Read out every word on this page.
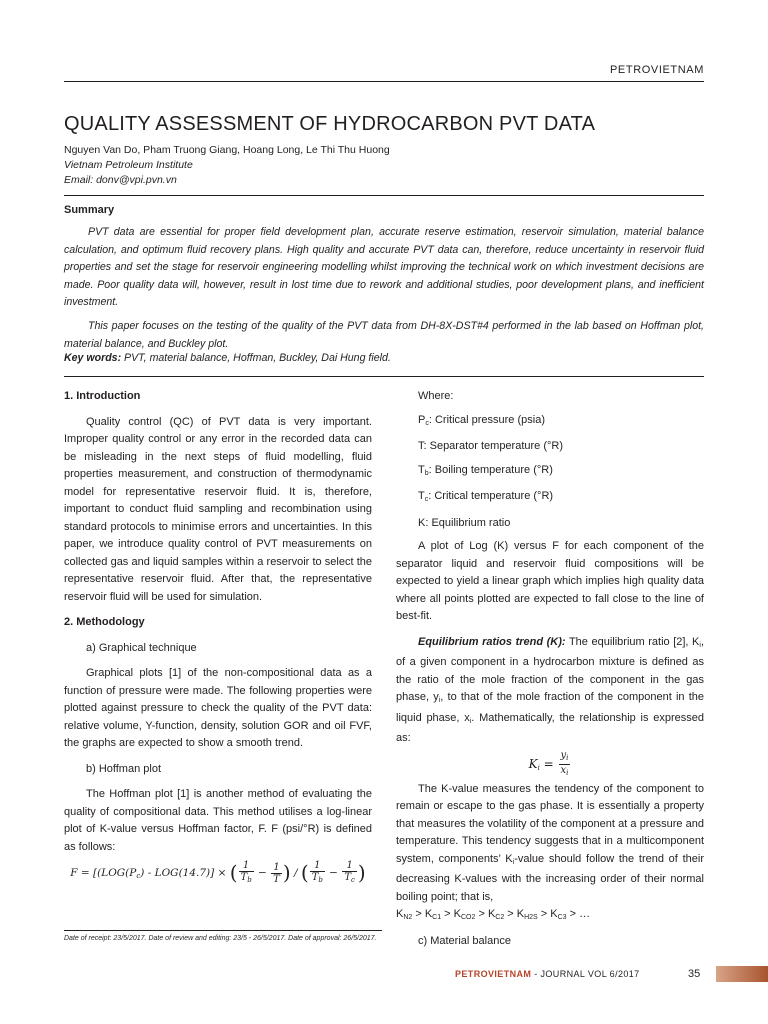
PETROVIETNAM
QUALITY ASSESSMENT OF HYDROCARBON PVT DATA
Nguyen Van Do, Pham Truong Giang, Hoang Long, Le Thi Thu Huong
Vietnam Petroleum Institute
Email: donv@vpi.pvn.vn
Summary

PVT data are essential for proper field development plan, accurate reserve estimation, reservoir simulation, material balance calculation, and optimum fluid recovery plans. High quality and accurate PVT data can, therefore, reduce uncertainty in reservoir fluid properties and set the stage for reservoir engineering modelling whilst improving the technical work on which investment decisions are made. Poor quality data will, however, result in lost time due to rework and additional studies, poor development plans, and inefficient investment.

This paper focuses on the testing of the quality of the PVT data from DH-8X-DST#4 performed in the lab based on Hoffman plot, material balance, and Buckley plot.

Key words: PVT, material balance, Hoffman, Buckley, Dai Hung field.

1. Introduction

Quality control (QC) of PVT data is very important. Improper quality control or any error in the recorded data can be misleading in the next steps of fluid modelling, fluid properties measurement, and construction of thermodynamic model for representative reservoir fluid. It is, therefore, important to conduct fluid sampling and recombination using standard protocols to minimise errors and uncertainties. In this paper, we introduce quality control of PVT measurements on collected gas and liquid samples within a reservoir to select the representative reservoir fluid. After that, the representative reservoir fluid will be used for simulation.

2. Methodology

a) Graphical technique

Graphical plots [1] of the non-compositional data as a function of pressure were made. The following properties were plotted against pressure to check the quality of the PVT data: relative volume, Y-function, density, solution GOR and oil FVF, the graphs are expected to show a smooth trend.

b) Hoffman plot

The Hoffman plot [1] is another method of evaluating the quality of compositional data. This method utilises a log-linear plot of K-value versus Hoffman factor, F. F (psi/°R) is defined as follows:

$F = [(LOG(P_c) - LOG(14.7)]$ × ( $\frac{1}{T_b} - \frac{1}{T}$ ) / ( $\frac{1}{T_b} - \frac{1}{T_c}$ )

Where:

$P_c$: Critical pressure (psia)

T: Separator temperature (°R)

$T_b$: Boiling temperature (°R)

$T_c$: Critical temperature (°R)

K: Equilibrium ratio

A plot of Log (K) versus F for each component of the separator liquid and reservoir fluid compositions will be expected to yield a linear graph which implies high quality data where all points plotted are expected to fall close to the line of best-fit.

Equilibrium ratios trend (K): The equilibrium ratio [2], $K_i$, of a given component in a hydrocarbon mixture is defined as the ratio of the mole fraction of the component in the gas phase, $y_i$, to that of the mole fraction of the component in the liquid phase, $x_i$. Mathematically, the relationship is expressed as:

$K_i = \frac{y_i}{x_i}$

The K-value measures the tendency of the component to remain or escape to the gas phase. It is essentially a property that measures the volatility of the component at a pressure and temperature. This tendency suggests that in a multicomponent system, components’ $K_i$-value should follow the trend of their decreasing K-values with the increasing order of their normal boiling point; that is,

$K_{N2} > K_{C1} > K_{CO2} > K_{C2} > K_{H2S} > K_{C3}$ > …

c) Material balance

Date of receipt: 23/5/2017. Date of review and editing: 23/5 - 26/5/2017. Date of approval: 26/5/2017.
PETROVIETNAM - JOURNAL VOL 6/2017	35
